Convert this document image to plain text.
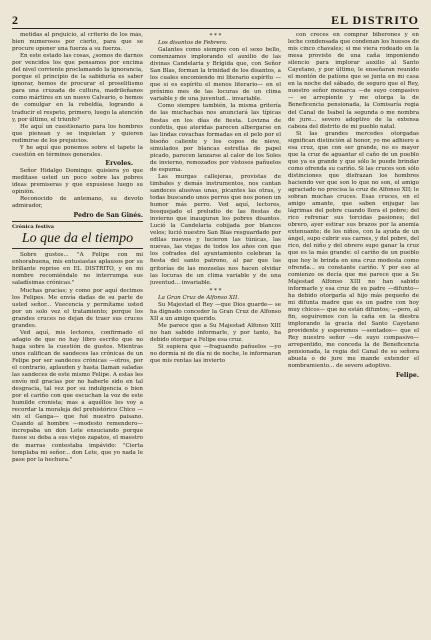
2	EL DISTRITO

metidas al prejuicio, al criterio de los más, bien numerosos por cierto, para que se procure oponer una fuerza a su fuerza.

En este estado las cosas, ¿somos de darnos por vencidos los que pensamos por encima del nivel corriente proclamando la ignorancia, porque el principio de la sabiduría es saber ignorar, hemos de procurar el proselitismo para una cruzada de cultura, madrileñanos como mártires en un nuevo Calvario, o hemos de comulgar en la rebeldía, logrando a traducir el respeto, primero, luego la atención y, por último, el triunfo?

He aquí un cuestionario para los hombres que piensan y se inquietan y quieren redimirse de los prejuicios.

Y he aquí que ponemos sobre el tapete la cuestión en términos generales.

Ervoles.

Señor Hidalgo Domingo: quisiera yo que meditase usted un poco sobre las pobres ideas premiseras y que expusiese luego su opinión.

Reconocido de antemano, su devoto admirador,

Pedro de San Ginés.
Crónica festiva
Lo que da el tiempo

Sobre gustos... "A Felipe con mi enhorabuena, mis entusiastas aplausos por su brillante reprise en EL DISTRITO, y en mi nombre recomiéndale no interrumpa sus saladísimas crónicas."

Muchas gracias; y como por aquí decimos los Felipes. Me envía dadas de su parte de usted señor... Vuecencia y permítame usted por un solo vez el tratamiento; porque los grandes cruces no dejan de traer sus cruces grandes.

Ved aquí, mis lectores, confirmado el adagio de que no hay libro escrito que no haga sobre la cuestión de gustos. Mientras unos califican de sandeces las crónicas de un Felipe por ser sandeces crónicas —otros, por el contrario, aplauden y hasta llaman saladas las sandeces de este mismo Felipe. A estas les envío mil gracias por no haberle sido en tal desgracia, tal vez por su indulgencia o bien por el cariño con que escuchan la voz de este humilde cronista; mas a aquéllos les voy a recordar la moraleja del prehistórico Chico —sin el Ganga— que fué nuestro paisano. Cuando al hombre —modesto remendero— increpaba un don Lete ensuciando porque fuese su deba a sus viejos zapatos, el maestro de marras contestaba impávido: "Cierta templaba mi señor... don Lete, que yo nada le pase por la hechura."

* * *

Los disantos de Febrero.

Galantes como siempre con el sexo bello, comenzamos implorando el auxilio de las divinas Candelaria y Brígida que, con Señor San Blas, forman la trinidad de los disantos, a los cuales encomiendo mi literario espíritu —que si es espíritu el menos literario— en el próximo mes de las locuras de un clima variable y de una juventud... invariable.

Como siempre también, la misma gritería de las muchachas nos anunciará las típicas fiestas en los días de fiesta. Lovizna de confetis, que ateridas parecen albergarse en las lindas covachas formadas en el pelo por el bisoño caliente y los copos de nieve, simulados por blancas estrellas de papel picado, parecen lanzarse al calor de los Soles de invierno, remozados por vistosos pañuelos de espuma.

Las murgas callejeras, provistas de timbales y demás instrumentos, nos cantan sandeces alusivas unas, picantes las otras, y todas buscando unos perros que nos ponen un humor más perro. Ved aquí, lectores, bosquejado el preludio de las fiestas de invierno que inauguran los pobres disantos. Lució la Candelaria cobijada por blancos velos; lució nuestro San Blas resguardado por edilas nuevos y lucieron las túnicas, las nuevas, las viejas de todos los años con que los cofrades del ayuntamiento celebran la fiesta del santo patrono, al par que las gritorías de las mozuelas nos hacen olvidar las locuras de un clima variable y de una juventud... invariable.

* * *

La Gran Cruz de Alfonso XII.

Su Majestad el Rey —que Dios guarde— se ha dignado conceder la Gran Cruz de Alfonso XII a un amigo querido.

Me parece que a Su Majestad Alfonso XIII no han sabido informarle, y por tanto, ha debido otorgar a Felipe esa cruz.

Si supiera que —fraguando pañuelos —yo no dormía ni de día ni de noche, le informaran que mis rentas las invierto

con creces en comprar biberones y en leche condensada que condenan los huesos de mis cinco chavales; si me viera rodeado en la mesa proviste de una caña imponiendo silencio para implorar auxilio al Santo Cayetano, y por último, le enseñaran reunido el montón de patíons que se junta en mi casa en la noche del sábado, de seguro que el Rey, nuestro señor monarca —de suyo compasivo— se arrepiente y me otorga la de Beneficencia pensionada, la Comisaría regia del Canal de Isabel la segunda o me nombra de jure... severo adoptivo de la extensa cabeza del distrito de mi pueblo natal.

Si las grandes mercedes otorgadas significan distinción al honor, yo me adhiero a esa cruz, que con ser grande, no es mayor que la cruz de aguantar el caño de un pueblo que ya es grande y que sólo le puede brindar como ofrenda su cariño. Si las cruces son sólo distinciones que disfrazan los hombres haciendo ver que son lo que no son, el amigo agraciado no precisa la cruz de Alfonso XII; le sobran muchas cruces. Esas cruces, en el amigo amante, que saben enjugar las lágrimas del pobre cuando llora el pobre; del rico refrenar sus torcidas pasiones; del obrero, ayer estirar sus brazos por la anemia extenuante; de los niños, con la ayuda de un ángel, supo cubrir sus carnes, y del pobre, del rico, del niño y del obrero supo ganar la cruz que es la más grande: el cariño de un pueblo que hoy le brinda en una cruz modesta como ofrenda... su constante cariño. Y por eso al comienzo os decía que me parece que a Su Majestad Alfonso XIII no han sabido informarle y esa cruz de su padre —difunto— ha debido otorgarla al hijo más pequeño de mi difunta madre que es un padre con hoy muy chicos— que no están difuntos; —pero, al fin, seguiremos con la caña en la diestra implorando la gracia del Santo Cayetano providente y esperemos —sentados— que el Rey nuestro señor —de suyo compasivo— arrepentido, me conceda la de Beneficencia pensionada, la regia del Canal de su señora abuela o de jure me mande extender el nombramiento... de severo adoptivo.

Felipe.
